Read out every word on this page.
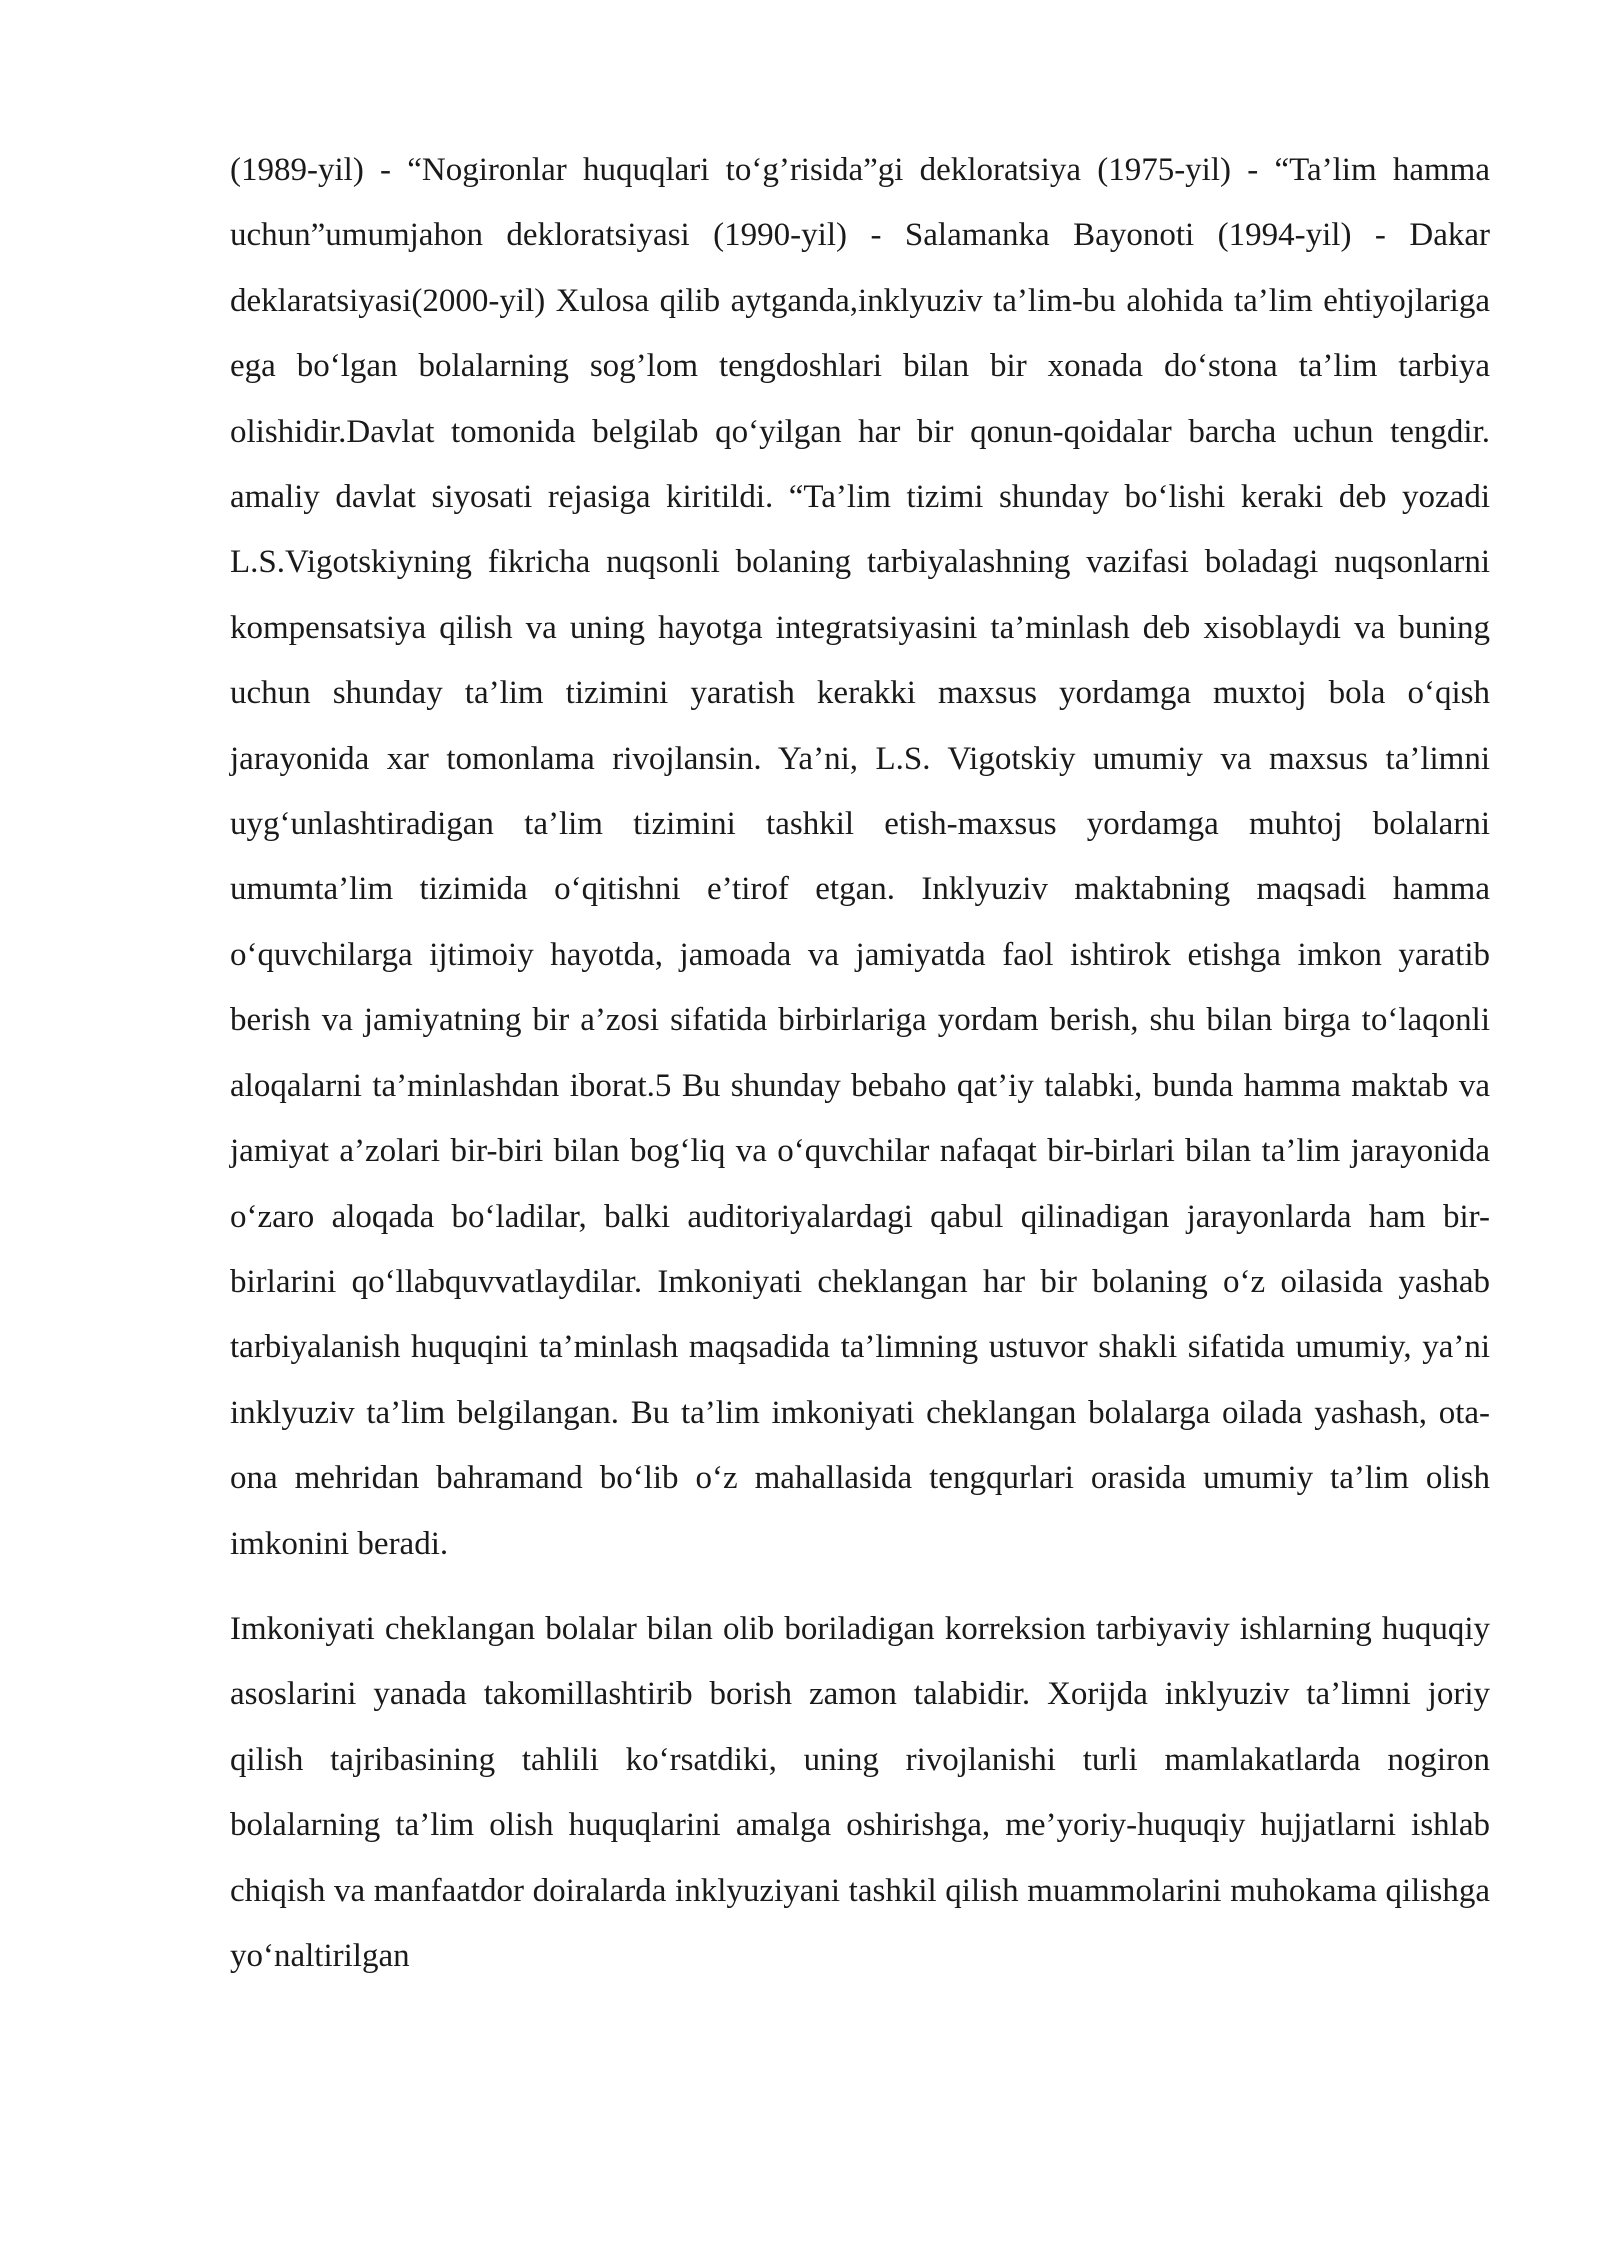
(1989-yil) - “Nogironlar huquqlari to‘g’risida”gi dekloratsiya (1975-yil) - “Ta’lim hamma uchun”umumjahon dekloratsiyasi (1990-yil) - Salamanka Bayonoti (1994-yil) - Dakar deklaratsiyasi(2000-yil) Xulosa qilib aytganda,inklyuziv ta’lim-bu alohida ta’lim ehtiyojlariga ega bo‘lgan bolalarning sog’lom tengdoshlari bilan bir xonada do‘stona ta’lim tarbiya olishidir.Davlat tomonida belgilab qo‘yilgan har bir qonun-qoidalar barcha uchun tengdir. amaliy davlat siyosati rejasiga kiritildi. “Ta’lim tizimi shunday bo‘lishi keraki deb yozadi L.S.Vigotskiyning fikricha nuqsonli bolaning tarbiyalashning vazifasi boladagi nuqsonlarni kompensatsiya qilish va uning hayotga integratsiyasini ta’minlash deb xisoblaydi va buning uchun shunday ta’lim tizimini yaratish kerakki maxsus yordamga muxtoj bola o‘qish jarayonida xar tomonlama rivojlansin. Ya’ni, L.S. Vigotskiy umumiy va maxsus ta’limni uyg‘unlashtiradigan ta’lim tizimini tashkil etish-maxsus yordamga muhtoj bolalarni umumta’lim tizimida o‘qitishni e’tirof etgan. Inklyuziv maktabning maqsadi hamma o‘quvchilarga ijtimoiy hayotda, jamoada va jamiyatda faol ishtirok etishga imkon yaratib berish va jamiyatning bir a’zosi sifatida birbirlariga yordam berish, shu bilan birga to‘laqonli aloqalarni ta’minlashdan iborat.5 Bu shunday bebaho qat’iy talabki, bunda hamma maktab va jamiyat a’zolari bir-biri bilan bog‘liq va o‘quvchilar nafaqat bir-birlari bilan ta’lim jarayonida o‘zaro aloqada bo‘ladilar, balki auditoriyalardagi qabul qilinadigan jarayonlarda ham bir-birlarini qo‘llabquvvatlaydilar. Imkoniyati cheklangan har bir bolaning o‘z oilasida yashab tarbiyalanish huquqini ta’minlash maqsadida ta’limning ustuvor shakli sifatida umumiy, ya’ni inklyuziv ta’lim belgilangan. Bu ta’lim imkoniyati cheklangan bolalarga oilada yashash, ota-ona mehridan bahramand bo‘lib o‘z mahallasida tengqurlari orasida umumiy ta’lim olish imkonini beradi.

Imkoniyati cheklangan bolalar bilan olib boriladigan korreksion tarbiyaviy ishlarning huquqiy asoslarini yanada takomillashtirib borish zamon talabidir. Xorijda inklyuziv ta’limni joriy qilish tajribasining tahlili ko‘rsatdiki, uning rivojlanishi turli mamlakatlarda nogiron bolalarning ta’lim olish huquqlarini amalga oshirishga, me’yoriy-huquqiy hujjatlarni ishlab chiqish va manfaatdor doiralarda inklyuziyani tashkil qilish muammolarini muhokama qilishga yo‘naltirilgan
